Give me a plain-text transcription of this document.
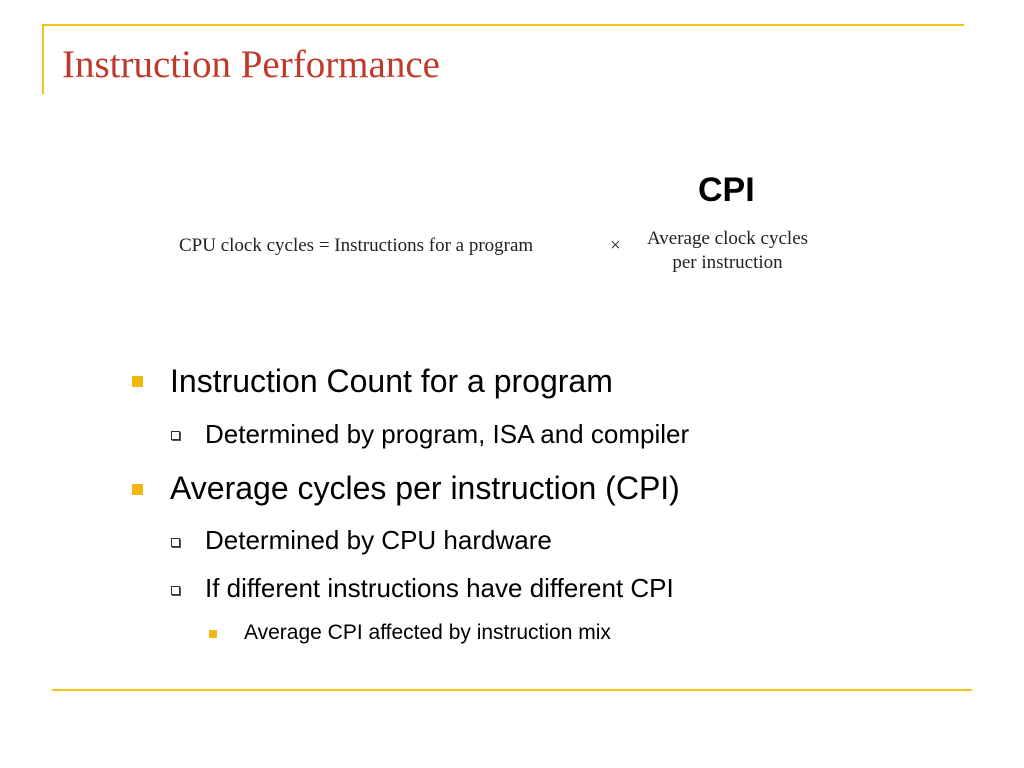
Instruction Performance
CPI
CPU clock cycles = Instructions for a program	×	Average clock cycles
per instruction
Instruction Count for a program
Determined by program, ISA and compiler
Average cycles per instruction (CPI)
Determined by CPU hardware
If different instructions have different CPI
Average CPI affected by instruction mix
